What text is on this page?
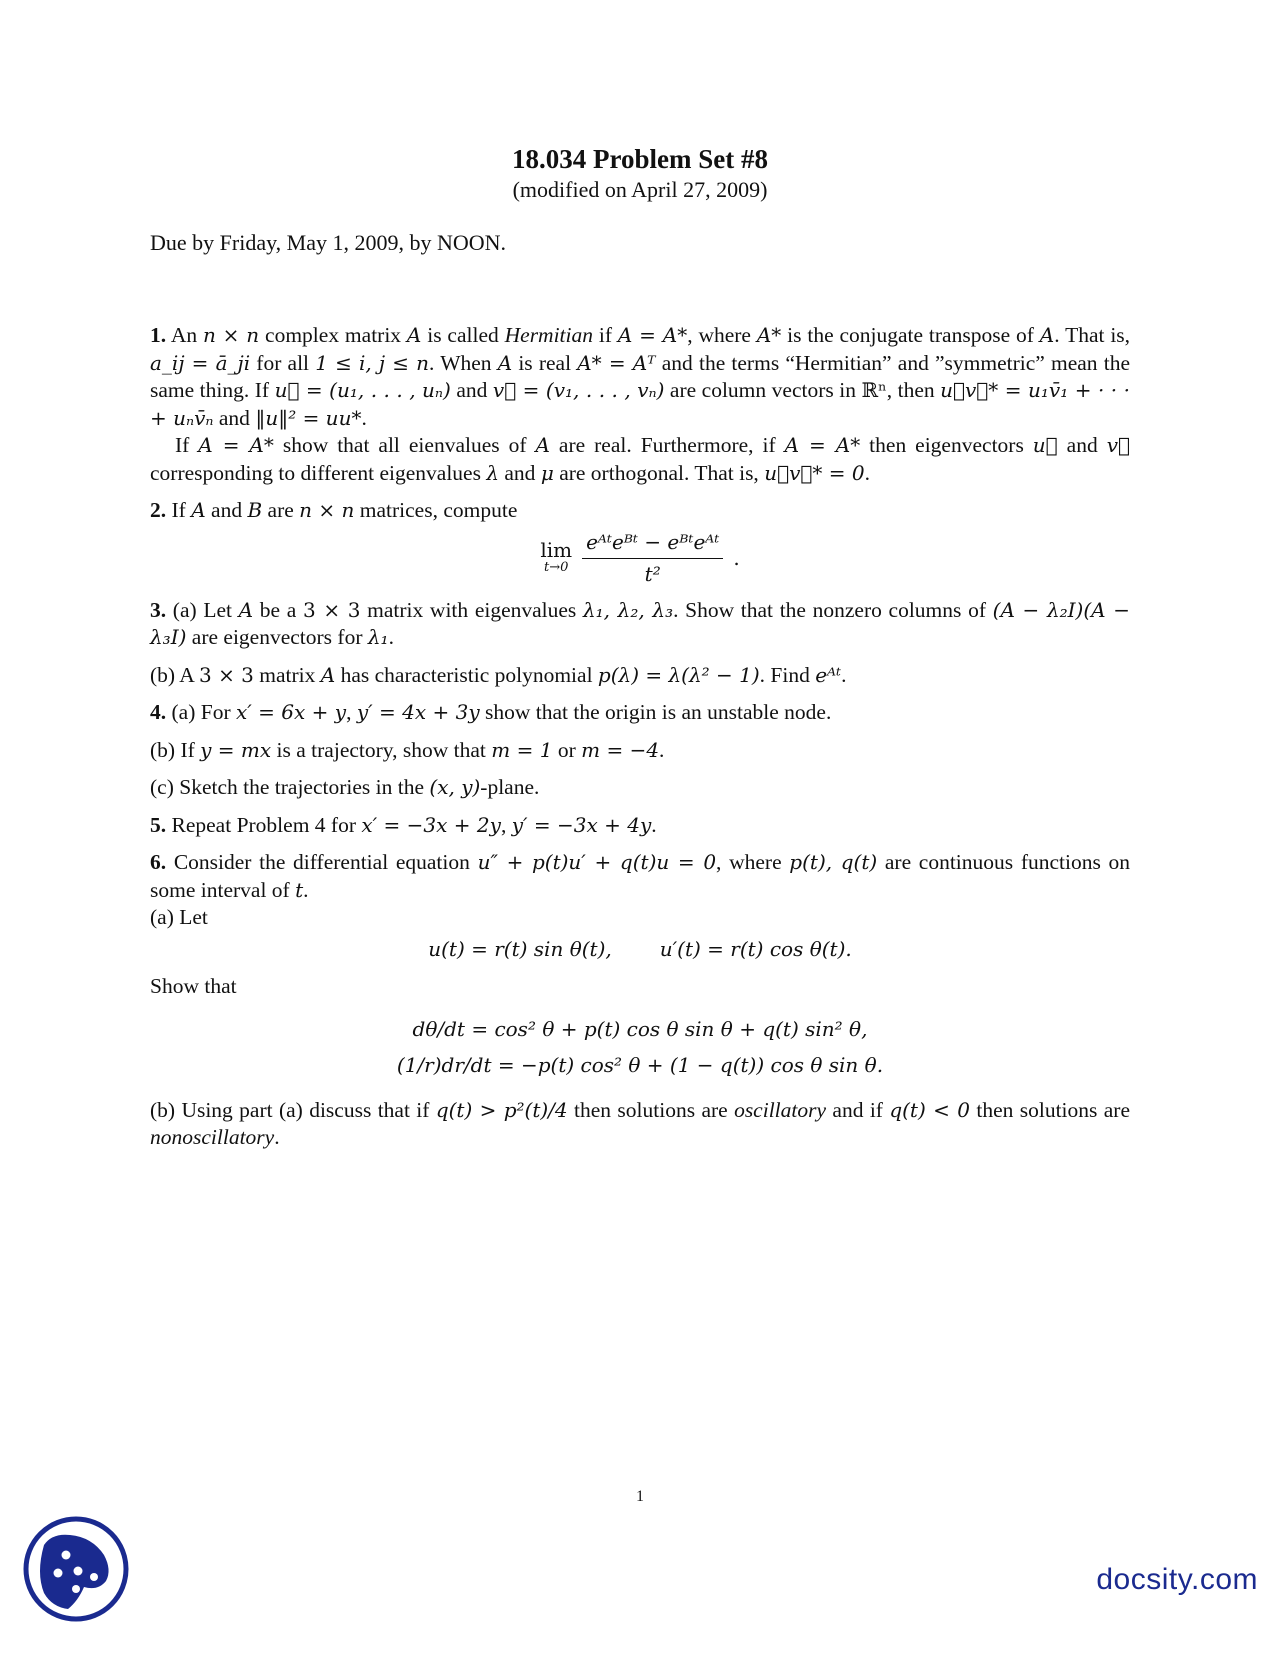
18.034 Problem Set #8
(modified on April 27, 2009)
Due by Friday, May 1, 2009, by NOON.

1. An n × n complex matrix A is called Hermitian if A = A*, where A* is the conjugate transpose of A. That is, a_ij = ā_ji for all 1 ≤ i, j ≤ n. When A is real A* = Aᵀ and the terms “Hermitian” and ”symmetric” mean the same thing. If u⃗ = (u₁, . . . , uₙ) and v⃗ = (v₁, . . . , vₙ) are column vectors in ℝⁿ, then u⃗v⃗* = u₁v̄₁ + · · · + uₙv̄ₙ and ‖u‖² = uu*.

If A = A* show that all eienvalues of A are real. Furthermore, if A = A* then eigenvectors u⃗ and v⃗ corresponding to different eigenvalues λ and μ are orthogonal. That is, u⃗v⃗* = 0.

2. If A and B are n × n matrices, compute

lim
$t\to 0 \frac{\text{eᴬᵗeᴮᵗ − eᴮᵗeᴬᵗ}}{\text{t²}}$ .

3. (a) Let A be a 3 × 3 matrix with eigenvalues λ₁, λ₂, λ₃. Show that the nonzero columns of (A − λ₂I)(A − λ₃I) are eigenvectors for λ₁.

(b) A 3 × 3 matrix A has characteristic polynomial p(λ) = λ(λ² − 1). Find eᴬᵗ.

4. (a) For x′ = 6x + y, y′ = 4x + 3y show that the origin is an unstable node.

(b) If y = mx is a trajectory, show that m = 1 or m = −4.

(c) Sketch the trajectories in the (x, y)-plane.

5. Repeat Problem 4 for x′ = −3x + 2y, y′ = −3x + 4y.

6. Consider the differential equation u″ + p(t)u′ + q(t)u = 0, where p(t), q(t) are continuous functions on some interval of t.

(a) Let

u(t) = r(t) sin θ(t), u′(t) = r(t) cos θ(t).

Show that

dθ/dt = cos² θ + p(t) cos θ sin θ + q(t) sin² θ,
(1/r)dr/dt = −p(t) cos² θ + (1 − q(t)) cos θ sin θ.

(b) Using part (a) discuss that if q(t) > p²(t)/4 then solutions are oscillatory and if q(t) < 0 then solutions are nonoscillatory.

1
docsity.com
